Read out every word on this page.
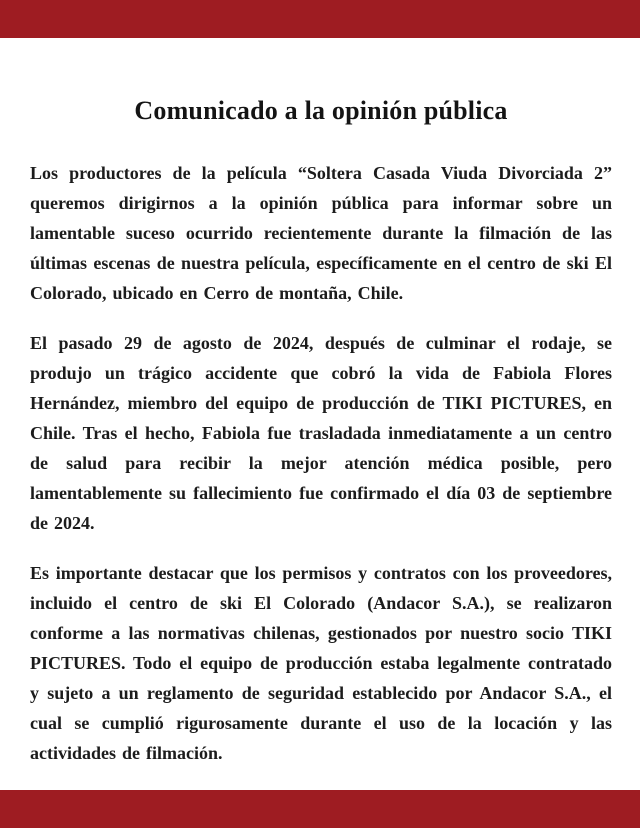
Comunicado a la opinión pública

Los productores de la película “Soltera Casada Viuda Divorciada 2” queremos dirigirnos a la opinión pública para informar sobre un lamentable suceso ocurrido recientemente durante la filmación de las últimas escenas de nuestra película, específicamente en el centro de ski El Colorado, ubicado en Cerro de montaña, Chile.

El pasado 29 de agosto de 2024, después de culminar el rodaje, se produjo un trágico accidente que cobró la vida de Fabiola Flores Hernández, miembro del equipo de producción de TIKI PICTURES, en Chile. Tras el hecho, Fabiola fue trasladada inmediatamente a un centro de salud para recibir la mejor atención médica posible, pero lamentablemente su fallecimiento fue confirmado el día 03 de septiembre de 2024.

Es importante destacar que los permisos y contratos con los proveedores, incluido el centro de ski El Colorado (Andacor S.A.), se realizaron conforme a las normativas chilenas, gestionados por nuestro socio TIKI PICTURES. Todo el equipo de producción estaba legalmente contratado y sujeto a un reglamento de seguridad establecido por Andacor S.A., el cual se cumplió rigurosamente durante el uso de la locación y las actividades de filmación.
